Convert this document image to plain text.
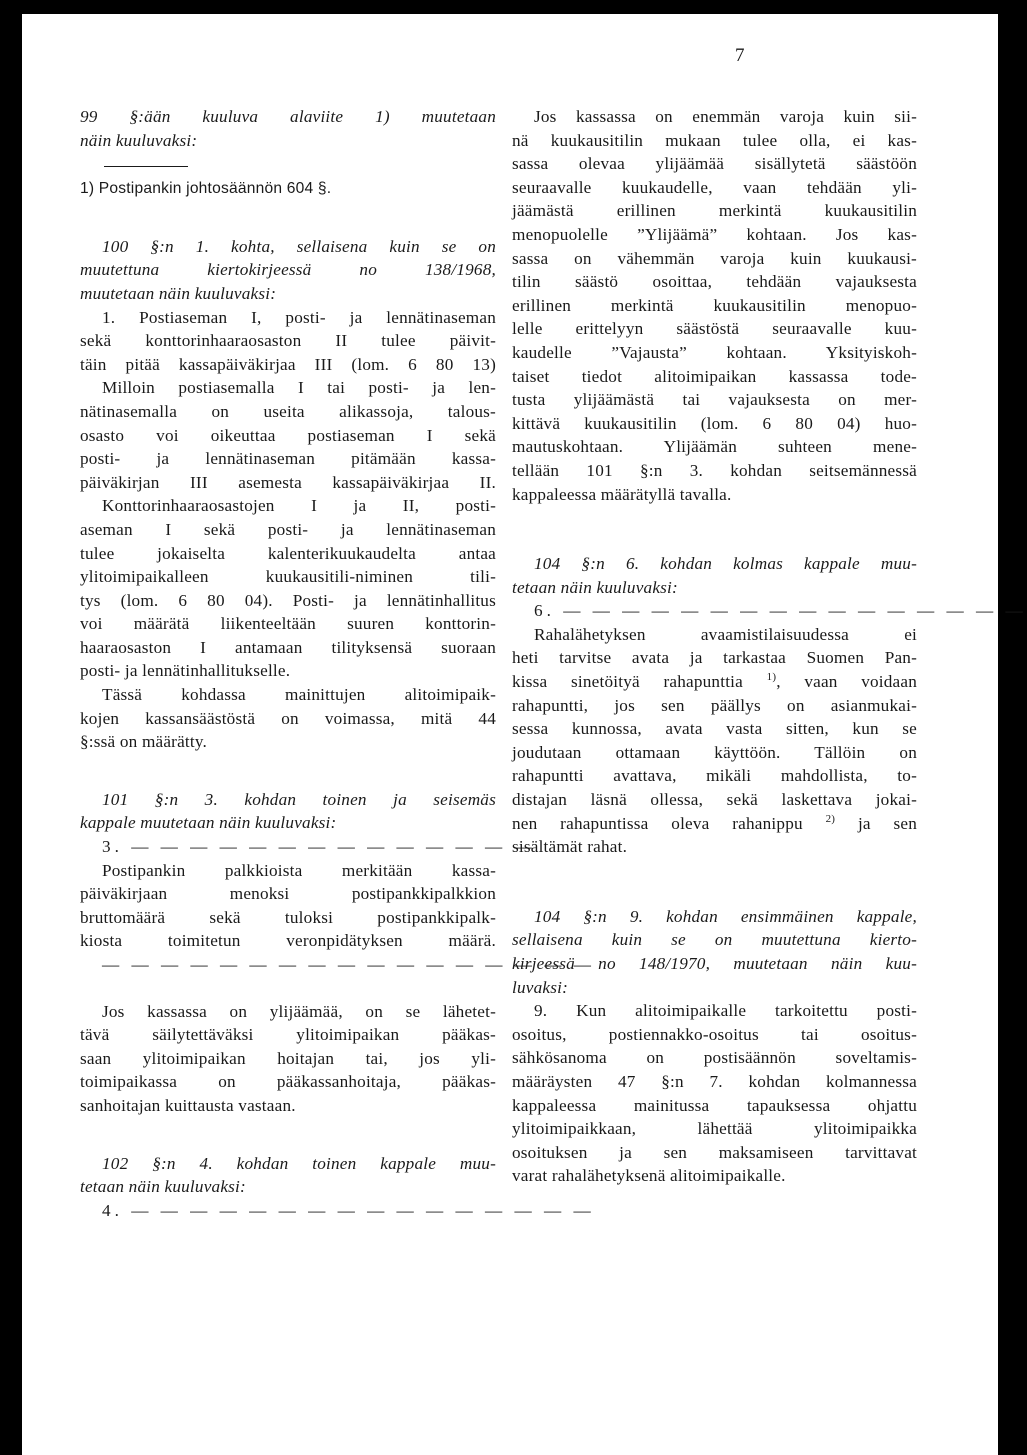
7

99 §:ään kuuluva alaviite 1) muutetaan

näin kuuluvaksi:

1) Postipankin johtosäännön 604 §.

100 §:n 1. kohta, sellaisena kuin se on

muutettuna kiertokirjeessä no 138/1968,

muutetaan näin kuuluvaksi:

1. Postiaseman I, posti- ja lennätinaseman

sekä konttorinhaaraosaston II tulee päivit-

täin pitää kassapäiväkirjaa III (lom. 6 80 13)

Milloin postiasemalla I tai posti- ja len-

nätinasemalla on useita alikassoja, talous-

osasto voi oikeuttaa postiaseman I sekä

posti- ja lennätinaseman pitämään kassa-

päiväkirjan III asemesta kassapäiväkirjaa II.

Konttorinhaaraosastojen I ja II, posti-

aseman I sekä posti- ja lennätinaseman

tulee jokaiselta kalenterikuukaudelta antaa

ylitoimipaikalleen kuukausitili-niminen tili-

tys (lom. 6 80 04). Posti- ja lennätinhallitus

voi määrätä liikenteeltään suuren konttorin-

haaraosaston I antamaan tilityksensä suoraan

posti- ja lennätinhallitukselle.

Tässä kohdassa mainittujen alitoimipaik-

kojen kassansäästöstä on voimassa, mitä 44

§:ssä on määrätty.

101 §:n 3. kohdan toinen ja seisemäs

kappale muutetaan näin kuuluvaksi:

3. — — — — — — — — — — — — — —

Postipankin palkkioista merkitään kassa-

päiväkirjaan menoksi postipankkipalkkion

bruttomäärä sekä tuloksi postipankkipalk-

kiosta toimitetun veronpidätyksen määrä.

— — — — — — — — — — — — — — — — —

Jos kassassa on ylijäämää, on se lähetet-

tävä säilytettäväksi ylitoimipaikan pääkas-

saan ylitoimipaikan hoitajan tai, jos yli-

toimipaikassa on pääkassanhoitaja, pääkas-

sanhoitajan kuittausta vastaan.

102 §:n 4. kohdan toinen kappale muu-

tetaan näin kuuluvaksi:

4. — — — — — — — — — — — — — — — —

Jos kassassa on enemmän varoja kuin sii-

nä kuukausitilin mukaan tulee olla, ei kas-

sassa olevaa ylijäämää sisällytetä säästöön

seuraavalle kuukaudelle, vaan tehdään yli-

jäämästä erillinen merkintä kuukausitilin

menopuolelle ”Ylijäämä” kohtaan. Jos kas-

sassa on vähemmän varoja kuin kuukausi-

tilin säästö osoittaa, tehdään vajauksesta

erillinen merkintä kuukausitilin menopuo-

lelle erittelyyn säästöstä seuraavalle kuu-

kaudelle ”Vajausta” kohtaan. Yksityiskoh-

taiset tiedot alitoimipaikan kassassa tode-

tusta ylijäämästä tai vajauksesta on mer-

kittävä kuukausitilin (lom. 6 80 04) huo-

mautuskohtaan. Ylijäämän suhteen mene-

tellään 101 §:n 3. kohdan seitsemännessä

kappaleessa määrätyllä tavalla.

104 §:n 6. kohdan kolmas kappale muu-

tetaan näin kuuluvaksi:

6. — — — — — — — — — — — — — — — —

Rahalähetyksen avaamistilaisuudessa ei

heti tarvitse avata ja tarkastaa Suomen Pan-

kissa sinetöityä rahapunttia $^{1)}$, vaan voidaan

rahapuntti, jos sen päällys on asianmukai-

sessa kunnossa, avata vasta sitten, kun se

joudutaan ottamaan käyttöön. Tällöin on

rahapuntti avattava, mikäli mahdollista, to-

distajan läsnä ollessa, sekä laskettava jokai-

nen rahapuntissa oleva rahanippu $^{2)}$ ja sen

sisältämät rahat.

104 §:n 9. kohdan ensimmäinen kappale,

sellaisena kuin se on muutettuna kierto-

kirjeessä no 148/1970, muutetaan näin kuu-

luvaksi:

9. Kun alitoimipaikalle tarkoitettu posti-

osoitus, postiennakko-osoitus tai osoitus-

sähkösanoma on postisäännön soveltamis-

määräysten 47 §:n 7. kohdan kolmannessa

kappaleessa mainitussa tapauksessa ohjattu

ylitoimipaikkaan, lähettää ylitoimipaikka

osoituksen ja sen maksamiseen tarvittavat

varat rahalähetyksenä alitoimipaikalle.
